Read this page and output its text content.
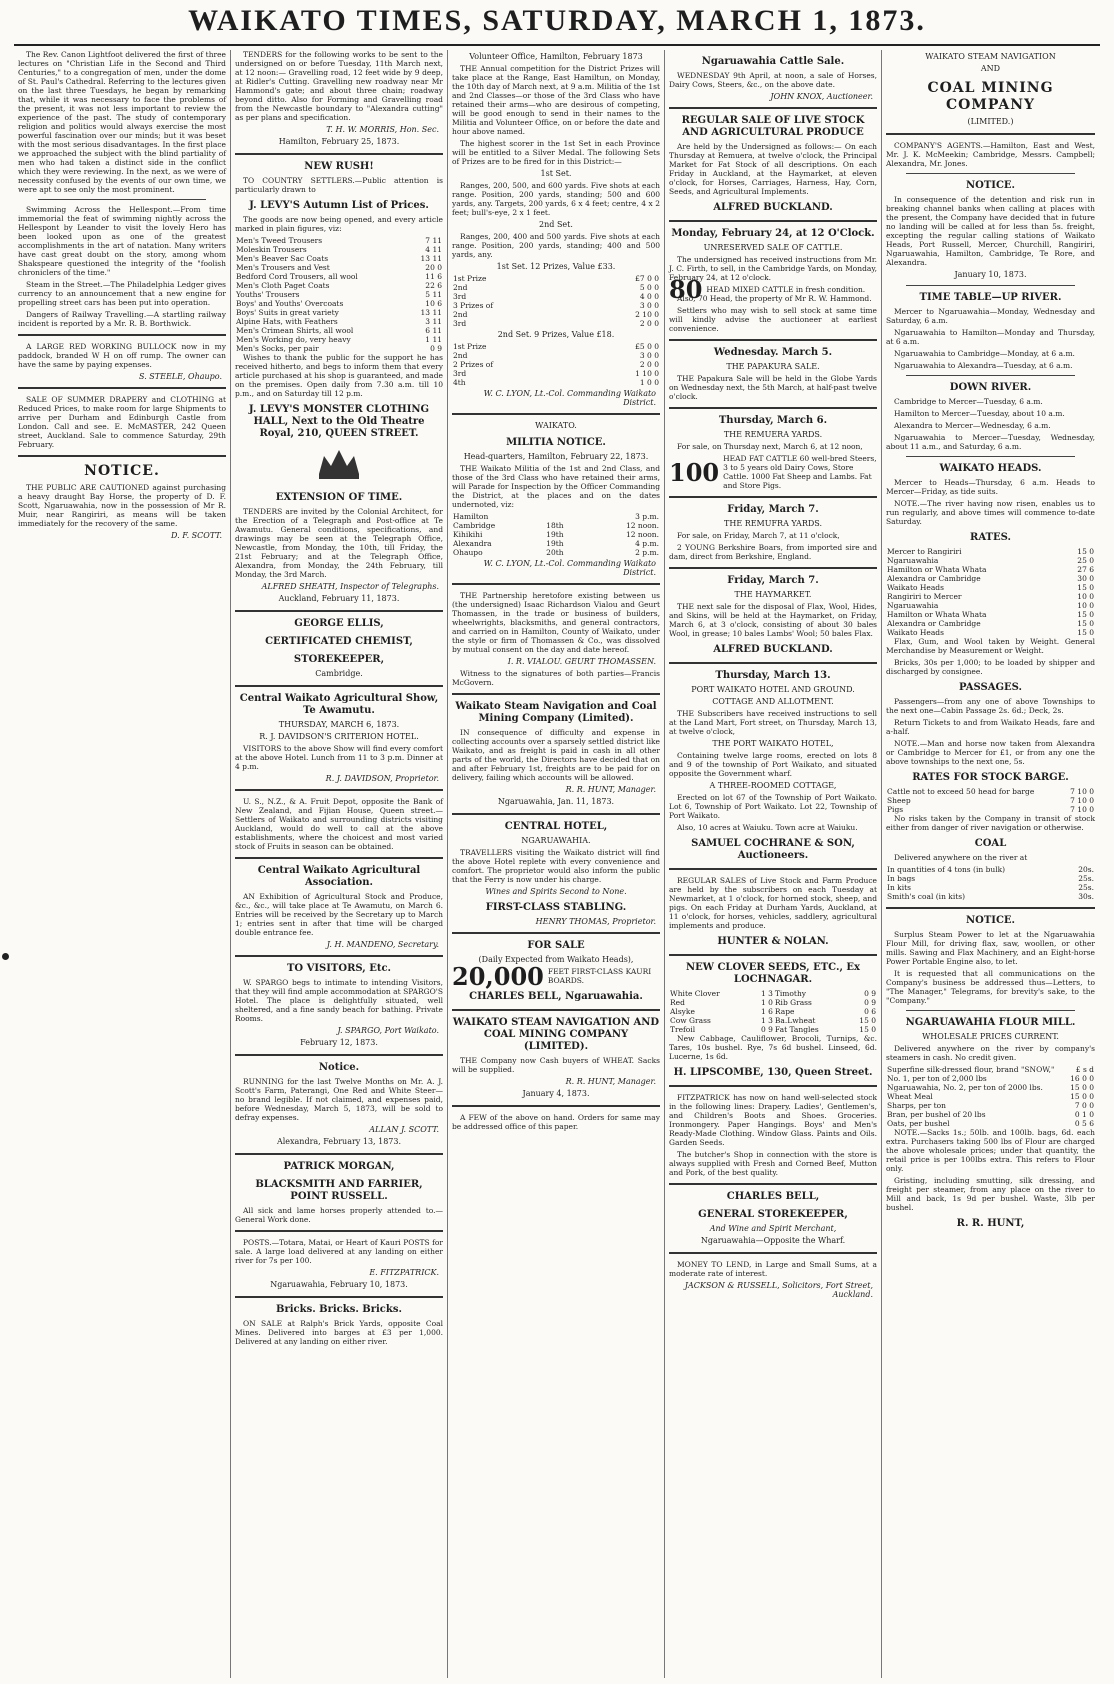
WAIKATO TIMES, SATURDAY, MARCH 1, 1873.

The Rev. Canon Lightfoot delivered the first of three lectures on "Christian Life in the Second and Third Centuries," to a congregation of men, under the dome of St. Paul's Cathedral. Referring to the lectures given on the last three Tuesdays, he began by remarking that, while it was necessary to face the problems of the present, it was not less important to review the experience of the past. The study of contemporary religion and politics would always exercise the most powerful fascination over our minds; but it was beset with the most serious disadvantages. In the first place we approached the subject with the blind partiality of men who had taken a distinct side in the conflict which they were reviewing. In the next, as we were of necessity confused by the events of our own time, we were apt to see only the most prominent.

Swimming Across the Hellespont.—From time immemorial the feat of swimming nightly across the Hellespont by Leander to visit the lovely Hero has been looked upon as one of the greatest accomplishments in the art of natation. Many writers have cast great doubt on the story, among whom Shakspeare questioned the integrity of the "foolish chroniclers of the time."

Steam in the Street.—The Philadelphia Ledger gives currency to an announcement that a new engine for propelling street cars has been put into operation.

Dangers of Railway Travelling.—A startling railway incident is reported by a Mr. R. B. Borthwick.

A LARGE RED WORKING BULLOCK now in my paddock, branded W H on off rump. The owner can have the same by paying expenses.

S. STEELE, Ohaupo.

SALE OF SUMMER DRAPERY and CLOTHING at Reduced Prices, to make room for large Shipments to arrive per Durham and Edinburgh Castle from London. Call and see. E. McMASTER, 242 Queen street, Auckland. Sale to commence Saturday, 29th February.

NOTICE.

THE PUBLIC ARE CAUTIONED against purchasing a heavy draught Bay Horse, the property of D. F. Scott, Ngaruawahia, now in the possession of Mr R. Muir, near Rangiriri, as means will be taken immediately for the recovery of the same.

D. F. SCOTT.

TENDERS for the following works to be sent to the undersigned on or before Tuesday, 11th March next, at 12 noon:— Gravelling road, 12 feet wide by 9 deep, at Ridler's Cutting. Gravelling new roadway near Mr Hammond's gate; and about three chain; roadway beyond ditto. Also for Forming and Gravelling road from the Newcastle boundary to "Alexandra cutting" as per plans and specification.

T. H. W. MORRIS, Hon. Sec.
Hamilton, February 25, 1873.
NEW RUSH!

TO COUNTRY SETTLERS.—Public attention is particularly drawn to

J. LEVY'S Autumn List of Prices.

The goods are now being opened, and every article marked in plain figures, viz:

Men's Tweed Trousers	7 11
Moleskin Trousers	4 11
Men's Beaver Sac Coats	13 11
Men's Trousers and Vest	20 0
Bedford Cord Trousers, all wool	11 6
Men's Cloth Paget Coats	22 6
Youths' Trousers	5 11
Boys' and Youths' Overcoats	10 6
Boys' Suits in great variety	13 11
Alpine Hats, with Feathers	3 11
Men's Crimean Shirts, all wool	6 11
Men's Working do, very heavy	1 11
Men's Socks, per pair	0 9

Wishes to thank the public for the support he has received hitherto, and begs to inform them that every article purchased at his shop is guaranteed, and made on the premises. Open daily from 7.30 a.m. till 10 p.m., and on Saturday till 12 p.m.

J. LEVY'S MONSTER CLOTHING HALL, Next to the Old Theatre Royal, 210, QUEEN STREET.
EXTENSION OF TIME.

TENDERS are invited by the Colonial Architect, for the Erection of a Telegraph and Post-office at Te Awamutu. General conditions, specifications, and drawings may be seen at the Telegraph Office, Newcastle, from Monday, the 10th, till Friday, the 21st February; and at the Telegraph Office, Alexandra, from Monday, the 24th February, till Monday, the 3rd March.

ALFRED SHEATH, Inspector of Telegraphs.
Auckland, February 11, 1873.
GEORGE ELLIS,
CERTIFICATED CHEMIST,
STOREKEEPER,
Cambridge.
Central Waikato Agricultural Show, Te Awamutu.
THURSDAY, MARCH 6, 1873.
R. J. DAVIDSON'S CRITERION HOTEL.

VISITORS to the above Show will find every comfort at the above Hotel. Lunch from 11 to 3 p.m. Dinner at 4 p.m.

R. J. DAVIDSON, Proprietor.

U. S., N.Z., & A. Fruit Depot, opposite the Bank of New Zealand, and Fijian House, Queen street.—Settlers of Waikato and surrounding districts visiting Auckland, would do well to call at the above establishments, where the choicest and most varied stock of Fruits in season can be obtained.

Central Waikato Agricultural Association.

AN Exhibition of Agricultural Stock and Produce, &c., &c., will take place at Te Awamutu, on March 6. Entries will be received by the Secretary up to March 1; entries sent in after that time will be charged double entrance fee.

J. H. MANDENO, Secretary.
TO VISITORS, Etc.

W. SPARGO begs to intimate to intending Visitors, that they will find ample accommodation at SPARGO'S Hotel. The place is delightfully situated, well sheltered, and a fine sandy beach for bathing. Private Rooms.

J. SPARGO, Port Waikato.
February 12, 1873.
Notice.

RUNNING for the last Twelve Months on Mr. A. J. Scott's Farm, Paterangi, One Red and White Steer—no brand legible. If not claimed, and expenses paid, before Wednesday, March 5, 1873, will be sold to defray expenses.

ALLAN J. SCOTT.
Alexandra, February 13, 1873.
PATRICK MORGAN,
BLACKSMITH AND FARRIER, POINT RUSSELL.

All sick and lame horses properly attended to.—General Work done.

POSTS.—Totara, Matai, or Heart of Kauri POSTS for sale. A large load delivered at any landing on either river for 7s per 100.

E. FITZPATRICK.
Ngaruawahia, February 10, 1873.
Bricks. Bricks. Bricks.

ON SALE at Ralph's Brick Yards, opposite Coal Mines. Delivered into barges at £3 per 1,000. Delivered at any landing on either river.

Volunteer Office, Hamilton, February 1873

THE Annual competition for the District Prizes will take place at the Range, East Hamiltun, on Monday, the 10th day of March next, at 9 a.m. Militia of the 1st and 2nd Classes—or those of the 3rd Class who have retained their arms—who are desirous of competing, will be good enough to send in their names to the Militia and Volunteer Office, on or before the date and hour above named.

The highest scorer in the 1st Set in each Province will be entitled to a Silver Medal. The following Sets of Prizes are to be fired for in this District:—

1st Set.

Ranges, 200, 500, and 600 yards. Five shots at each range. Position, 200 yards, standing; 500 and 600 yards, any. Targets, 200 yards, 6 x 4 feet; centre, 4 x 2 feet; bull's-eye, 2 x 1 feet.

2nd Set.

Ranges, 200, 400 and 500 yards. Five shots at each range. Position, 200 yards, standing; 400 and 500 yards, any.

1st Set. 12 Prizes, Value £33.
1st Prize	£7 0 0
2nd	5 0 0
3rd	4 0 0
3 Prizes of	3 0 0
2nd	2 10 0
3rd	2 0 0
2nd Set. 9 Prizes, Value £18.
1st Prize	£5 0 0
2nd	3 0 0
2 Prizes of	2 0 0
3rd	1 10 0
4th	1 0 0
W. C. LYON, Lt.-Col. Commanding Waikato District.
WAIKATO.
MILITIA NOTICE.
Head-quarters, Hamilton, February 22, 1873.

THE Waikato Militia of the 1st and 2nd Class, and those of the 3rd Class who have retained their arms, will Parade for Inspection by the Officer Commanding the District, at the places and on the dates undernoted, viz:

Hamilton		3 p.m.
Cambridge	18th	12 noon.
Kihikihi	19th	12 noon.
Alexandra	19th	4 p.m.
Ohaupo	20th	2 p.m.
W. C. LYON, Lt.-Col. Commanding Waikato District.

THE Partnership heretofore existing between us (the undersigned) Isaac Richardson Vialou and Geurt Thomassen, in the trade or business of builders, wheelwrights, blacksmiths, and general contractors, and carried on in Hamilton, County of Waikato, under the style or firm of Thomassen & Co., was dissolved by mutual consent on the day and date hereof.

I. R. VIALOU. GEURT THOMASSEN.

Witness to the signatures of both parties—Francis McGovern.

Waikato Steam Navigation and Coal Mining Company (Limited).

IN consequence of difficulty and expense in collecting accounts over a sparsely settled district like Waikato, and as freight is paid in cash in all other parts of the world, the Directors have decided that on and after February 1st, freights are to be paid for on delivery, failing which accounts will be allowed.

R. R. HUNT, Manager.
Ngaruawahia, Jan. 11, 1873.
CENTRAL HOTEL,
NGARUAWAHIA.

TRAVELLERS visiting the Waikato district will find the above Hotel replete with every convenience and comfort. The proprietor would also inform the public that the Ferry is now under his charge.

Wines and Spirits Second to None.
FIRST-CLASS STABLING.
HENRY THOMAS, Proprietor.
FOR SALE
(Daily Expected from Waikato Heads),
20,000 FEET FIRST-CLASS KAURI BOARDS.
CHARLES BELL, Ngaruawahia.
WAIKATO STEAM NAVIGATION AND COAL MINING COMPANY (LIMITED).

THE Company now Cash buyers of WHEAT. Sacks will be supplied.

R. R. HUNT, Manager.
January 4, 1873.

A FEW of the above on hand. Orders for same may be addressed office of this paper.

Ngaruawahia Cattle Sale.

WEDNESDAY 9th April, at noon, a sale of Horses, Dairy Cows, Steers, &c., on the above date.

JOHN KNOX, Auctioneer.
REGULAR SALE OF LIVE STOCK AND AGRICULTURAL PRODUCE

Are held by the Undersigned as follows:— On each Thursday at Remuera, at twelve o'clock, the Principal Market for Fat Stock of all descriptions. On each Friday in Auckland, at the Haymarket, at eleven o'clock, for Horses, Carriages, Harness, Hay, Corn, Seeds, and Agricultural Implements.

ALFRED BUCKLAND.
Monday, February 24, at 12 O'Clock.
UNRESERVED SALE OF CATTLE.

The undersigned has received instructions from Mr. J. C. Firth, to sell, in the Cambridge Yards, on Monday, February 24, at 12 o'clock.

80 HEAD MIXED CATTLE in fresh condition.

Also, 70 Head, the property of Mr R. W. Hammond.

Settlers who may wish to sell stock at same time will kindly advise the auctioneer at earliest convenience.

Wednesday. March 5.
THE PAPAKURA SALE.

THE Papakura Sale will be held in the Globe Yards on Wednesday next, the 5th March, at half-past twelve o'clock.

Thursday, March 6.
THE REMUERA YARDS.

For sale, on Thursday next, March 6, at 12 noon,

100 HEAD FAT CATTLE 60 well-bred Steers, 3 to 5 years old Dairy Cows, Store Cattle. 1000 Fat Sheep and Lambs. Fat and Store Pigs.
Friday, March 7.
THE REMUFRA YARDS.

For sale, on Friday, March 7, at 11 o'clock,

2 YOUNG Berkshire Boars, from imported sire and dam, direct from Berkshire, England.

Friday, March 7.
THE HAYMARKET.

THE next sale for the disposal of Flax, Wool, Hides, and Skins, will be held at the Haymarket, on Friday, March 6, at 3 o'clock, consisting of about 30 bales Wool, in grease; 10 bales Lambs' Wool; 50 bales Flax.

ALFRED BUCKLAND.
Thursday, March 13.
PORT WAIKATO HOTEL AND GROUND.
COTTAGE AND ALLOTMENT.

THE Subscribers have received instructions to sell at the Land Mart, Fort street, on Thursday, March 13, at twelve o'clock,

THE PORT WAIKATO HOTEL,

Containing twelve large rooms, erected on lots 8 and 9 of the township of Port Waikato, and situated opposite the Government wharf.

A THREE-ROOMED COTTAGE,

Erected on lot 67 of the Township of Port Waikato. Lot 6, Township of Port Waikato. Lot 22, Township of Port Waikato.

Also, 10 acres at Waiuku. Town acre at Waiuku.

SAMUEL COCHRANE & SON, Auctioneers.

REGULAR SALES of Live Stock and Farm Produce are held by the subscribers on each Tuesday at Newmarket, at 1 o'clock, for horned stock, sheep, and pigs. On each Friday at Durham Yards, Auckland, at 11 o'clock, for horses, vehicles, saddlery, agricultural implements and produce.

HUNTER & NOLAN.
NEW CLOVER SEEDS, ETC., Ex LOCHNAGAR.
White Clover	1 3	Timothy	0 9
Red	1 0	Rib Grass	0 9
Alsyke	1 6	Rape	0 6
Cow Grass	1 3	Ba.Lwheat	15 0
Trefoil	0 9	Fat Tangles	15 0

New Cabbage, Cauliflower, Brocoli, Turnips, &c. Tares, 10s bushel. Rye, 7s 6d bushel. Linseed, 6d. Lucerne, 1s 6d.

H. LIPSCOMBE, 130, Queen Street.

FITZPATRICK has now on hand well-selected stock in the following lines: Drapery. Ladies', Gentlemen's, and Children's Boots and Shoes. Groceries. Ironmongery. Paper Hangings. Boys' and Men's Ready-Made Clothing. Window Glass. Paints and Oils. Garden Seeds.

The butcher's Shop in connection with the store is always supplied with Fresh and Corned Beef, Mutton and Pork, of the best quality.

CHARLES BELL,
GENERAL STOREKEEPER,
And Wine and Spirit Merchant,
Ngaruawahia—Opposite the Wharf.

MONEY TO LEND, in Large and Small Sums, at a moderate rate of interest.

JACKSON & RUSSELL, Solicitors, Fort Street, Auckland.
WAIKATO STEAM NAVIGATION
AND
COAL MINING COMPANY
(LIMITED.)

COMPANY'S AGENTS.—Hamilton, East and West, Mr. J. K. McMeekin; Cambridge, Messrs. Campbell; Alexandra, Mr. Jones.

NOTICE.

In consequence of the detention and risk run in breaking channel banks when calling at places with the present, the Company have decided that in future no landing will be called at for less than 5s. freight, excepting the regular calling stations of Waikato Heads, Port Russell, Mercer, Churchill, Rangiriri, Ngaruawahia, Hamilton, Cambridge, Te Rore, and Alexandra.

January 10, 1873.
TIME TABLE—UP RIVER.

Mercer to Ngaruawahia—Monday, Wednesday and Saturday, 6 a.m.

Ngaruawahia to Hamilton—Monday and Thursday, at 6 a.m.

Ngaruawahia to Cambridge—Monday, at 6 a.m.

Ngaruawahia to Alexandra—Tuesday, at 6 a.m.

DOWN RIVER.

Cambridge to Mercer—Tuesday, 6 a.m.

Hamilton to Mercer—Tuesday, about 10 a.m.

Alexandra to Mercer—Wednesday, 6 a.m.

Ngaruawahia to Mercer—Tuesday, Wednesday, about 11 a.m., and Saturday, 6 a.m.

WAIKATO HEADS.

Mercer to Heads—Thursday, 6 a.m. Heads to Mercer—Friday, as tide suits.

NOTE.—The river having now risen, enables us to run regularly, and above times will commence to-date Saturday.

RATES.
Mercer to Rangiriri	15 0
Ngaruawahia	25 0
Hamilton or Whata Whata	27 6
Alexandra or Cambridge	30 0
Waikato Heads	15 0
Rangiriri to Mercer	10 0
Ngaruawahia	10 0
Hamilton or Whata Whata	15 0
Alexandra or Cambridge	15 0
Waikato Heads	15 0

Flax, Gum, and Wool taken by Weight. General Merchandise by Measurement or Weight.

Bricks, 30s per 1,000; to be loaded by shipper and discharged by consignee.

PASSAGES.

Passengers—from any one of above Townships to the next one—Cabin Passage 2s. 6d.; Deck, 2s.

Return Tickets to and from Waikato Heads, fare and a-half.

NOTE.—Man and horse now taken from Alexandra or Cambridge to Mercer for £1, or from any one the above townships to the next one, 5s.

RATES FOR STOCK BARGE.
Cattle not to exceed 50 head for barge	7 10 0
Sheep	7 10 0
Pigs	7 10 0

No risks taken by the Company in transit of stock either from danger of river navigation or otherwise.

COAL

Delivered anywhere on the river at

In quantities of 4 tons (in bulk)	20s.
In bags	25s.
In kits	25s.
Smith's coal (in kits)	30s.
NOTICE.

Surplus Steam Power to let at the Ngaruawahia Flour Mill, for driving flax, saw, woollen, or other mills. Sawing and Flax Machinery, and an Eight-horse Power Portable Engine also, to let.

It is requested that all communications on the Company's business be addressed thus—Letters, to "The Manager," Telegrams, for brevity's sake, to the "Company."

NGARUAWAHIA FLOUR MILL.
WHOLESALE PRICES CURRENT.

Delivered anywhere on the river by company's steamers in cash. No credit given.

Superfine silk-dressed flour, brand "SNOW,"	£ s d
No. 1, per ton of 2,000 lbs	16 0 0
Ngaruawahia, No. 2, per ton of 2000 lbs.	15 0 0
Wheat Meal	15 0 0
Sharps, per ton	7 0 0
Bran, per bushel of 20 lbs	0 1 0
Oats, per bushel	0 5 6

NOTE.—Sacks 1s.; 50lb. and 100lb. bags, 6d. each extra. Purchasers taking 500 lbs of Flour are charged the above wholesale prices; under that quantity, the retail price is per 100lbs extra. This refers to Flour only.

Gristing, including smutting, silk dressing, and freight per steamer, from any place on the river to Mill and back, 1s 9d per bushel. Waste, 3lb per bushel.

R. R. HUNT,
